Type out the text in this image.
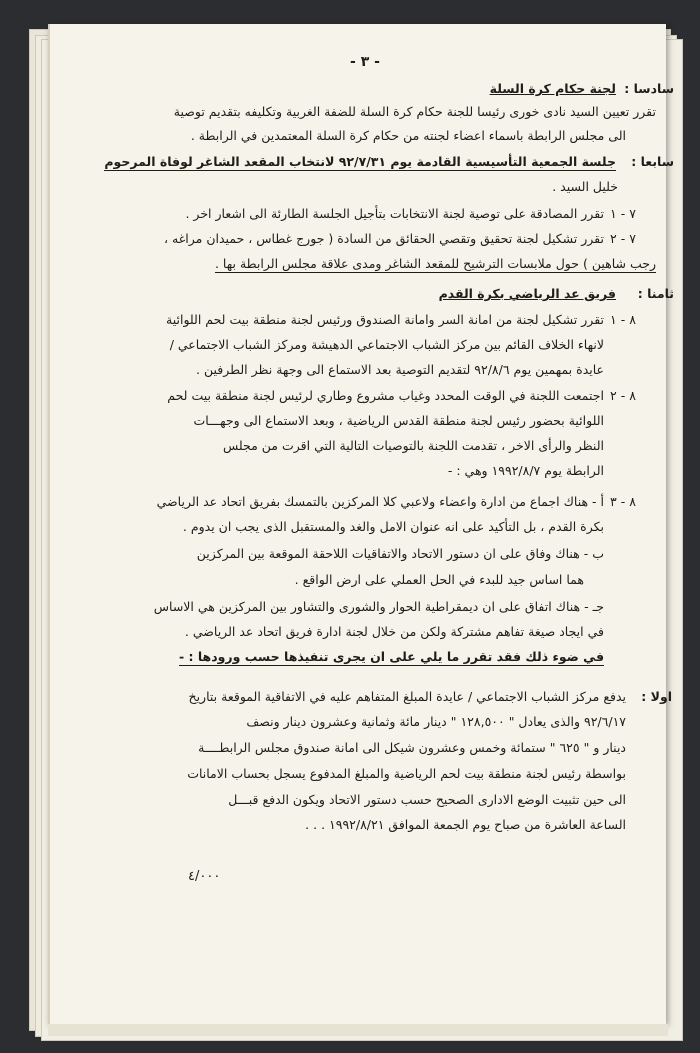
- ٣ -
سادسا :
لجنة حكام كرة السلة
تقرر تعيين السيد نادى خورى رئيسا للجنة حكام كرة السلة للضفة الغربية وتكليفه بتقديم توصية
الى مجلس الرابطة باسماء اعضاء لجنته من حكام كرة السلة المعتمدين في الرابطة .
سابعا :
جلسة الجمعية التأسيسية القادمة يوم ٩٢/٧/٣١ لانتخاب المقعد الشاغر لوفاة المرحوم
خليل السيد .
٧ - ١
تقرر المصادقة على توصية لجنة الانتخابات بتأجيل الجلسة الطارئة الى اشعار اخر .
٧ - ٢
تقرر تشكيل لجنة تحقيق وتقصي الحقائق من السادة ( جورج غطاس ، حميدان مراغه ،
رجب شاهين ) حول ملابسات الترشيح للمقعد الشاغر ومدى علاقة مجلس الرابطة بها .
ثامنا :
فريق عد الرياضي بكرة القدم
٨ - ١
تقرر تشكيل لجنة من امانة السر وامانة الصندوق ورئيس لجنة منطقة بيت لحم اللوائية
لانهاء الخلاف القائم بين مركز الشباب الاجتماعي الدهيشة ومركز الشباب الاجتماعي /
عايدة بمهمين يوم ٩٢/٨/٦ لتقديم التوصية بعد الاستماع الى وجهة نظر الطرفين .
٨ - ٢
اجتمعت اللجنة في الوقت المحدد وغياب مشروع وطاري لرئيس لجنة منطقة بيت لحم
اللوائية بحضور رئيس لجنة منطقة القدس الرياضية ، وبعد الاستماع الى وجهـــات
النظر والرأى الاخر ، تقدمت اللجنة بالتوصيات التالية التي اقرت من مجلس
الرابطة يوم ١٩٩٢/٨/٧ وهي : -
٨ - ٣
أ - هناك اجماع من ادارة واعضاء ولاعبي كلا المركزين بالتمسك بفريق اتحاد عد الرياضي
بكرة القدم ، بل التأكيد على انه عنوان الامل والغد والمستقبل الذى يجب ان يدوم .
ب - هناك وفاق على ان دستور الاتحاد والاتفاقيات اللاحقة الموقعة بين المركزين
هما اساس جيد للبدء في الحل العملي على ارض الواقع .
جـ - هناك اتفاق على ان ديمقراطية الحوار والشورى والتشاور بين المركزين هي الاساس
في ايجاد صيغة تفاهم مشتركة ولكن من خلال لجنة ادارة فريق اتحاد عد الرياضي .
في ضوء ذلك فقد تقرر ما يلي على ان يجرى تنفيذها حسب ورودها : -
اولا :
يدفع مركز الشباب الاجتماعي / عايدة المبلغ المتفاهم عليه في الاتفاقية الموقعة بتاريخ
٩٢/٦/١٧ والذى يعادل " ١٢٨,٥٠٠ " دينار مائة وثمانية وعشرون دينار ونصف
دينار و " ٦٢٥ " ستمائة وخمس وعشرون شيكل الى امانة صندوق مجلس الرابطــــة
بواسطة رئيس لجنة منطقة بيت لحم الرياضية والمبلغ المدفوع يسجل بحساب الامانات
الى حين تثبيت الوضع الادارى الصحيح حسب دستور الاتحاد ويكون الدفع قبـــل
الساعة العاشرة من صباح يوم الجمعة الموافق ١٩٩٢/٨/٢١ . . .
٤/٠٠٠
